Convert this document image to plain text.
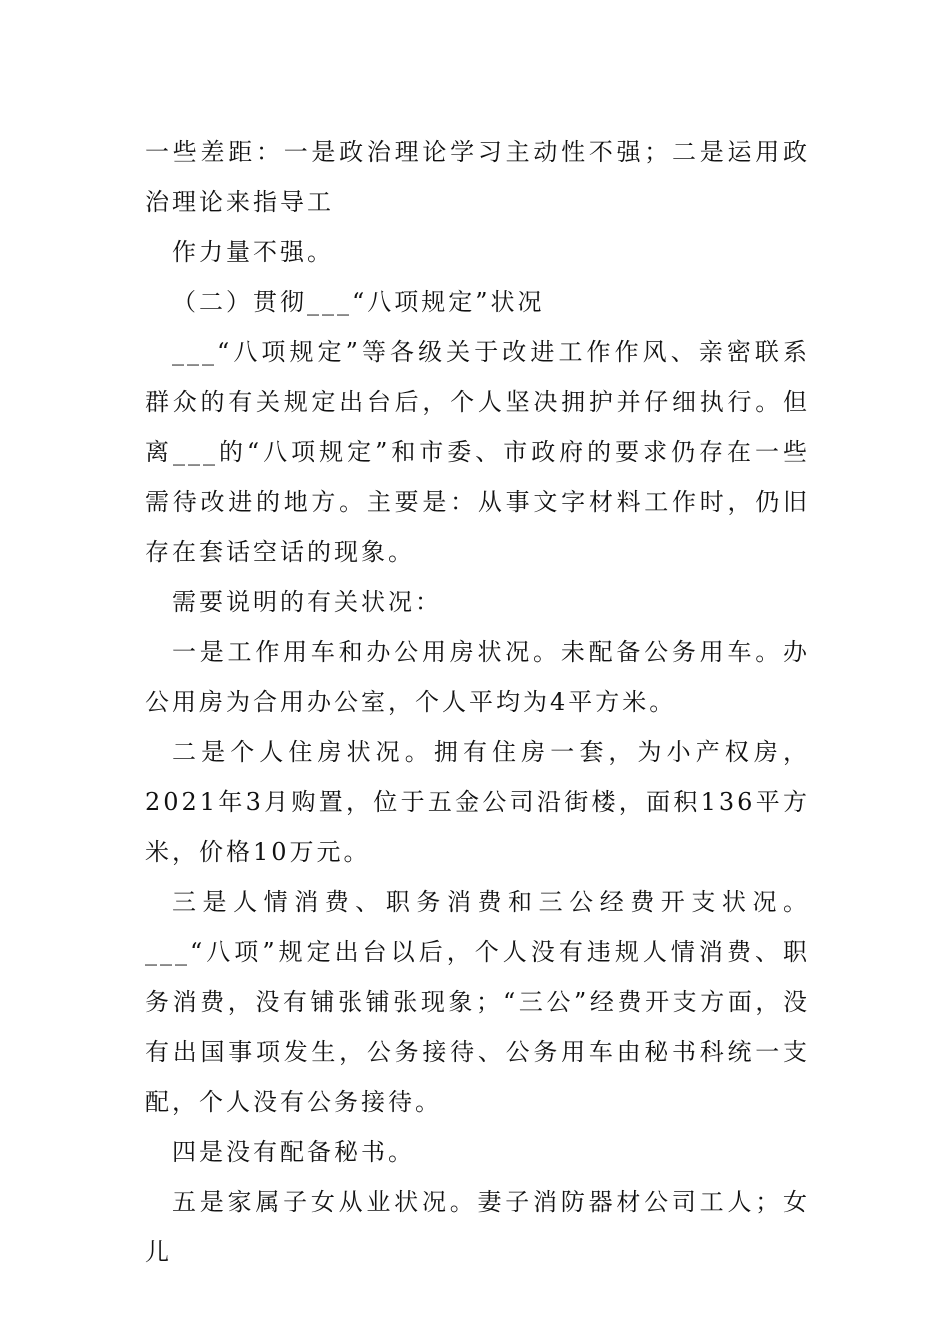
一些差距：一是政治理论学习主动性不强；二是运用政治理论来指导工

作力量不强。

（二）贯彻___“八项规定”状况

___“八项规定”等各级关于改进工作作风、亲密联系群众的有关规定出台后，个人坚决拥护并仔细执行。但离___的“八项规定”和市委、市政府的要求仍存在一些需待改进的地方。主要是：从事文字材料工作时，仍旧存在套话空话的现象。

需要说明的有关状况：

一是工作用车和办公用房状况。未配备公务用车。办公用房为合用办公室，个人平均为4平方米。

二是个人住房状况。拥有住房一套，为小产权房，2021年3月购置，位于五金公司沿街楼，面积136平方米，价格10万元。

三是人情消费、职务消费和三公经费开支状况。___“八项”规定出台以后，个人没有违规人情消费、职务消费，没有铺张铺张现象；“三公”经费开支方面，没有出国事项发生，公务接待、公务用车由秘书科统一支配，个人没有公务接待。

四是没有配备秘书。

五是家属子女从业状况。妻子消防器材公司工人；女儿
